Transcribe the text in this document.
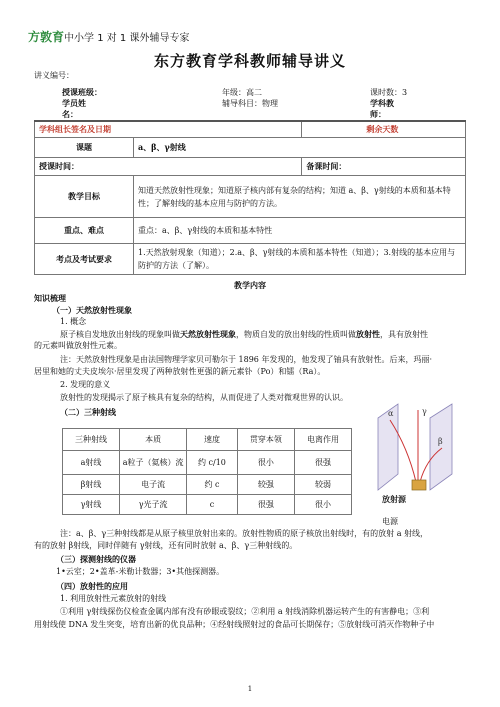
方敦育中小学 1 对 1 课外辅导专家
东方教育学科教师辅导讲义
讲义编号：
授课班级：	年级：高二	课时数：3
学员姓
名：
辅导科目：物理	学科教
师：
学科组长签名及日期		剩余天数
课题	a、β、γ射线	
授课时间：		备课时间：
教学目标	知道天然放射性现象；知道原子核内部有复杂的结构；知道 a、β、γ射线的本质和基本特性；了解射线的基本应用与防护的方法。	
重点、难点	重点：a、β、γ射线的本质和基本特性	
考点及考试要求	1.天然放射现象（知道）；2.a、β、γ射线的本质和基本特性（知道）；3.射线的基本应用与防护的方法（了解）。	
教学内容
知识梳理
（一）天然放射性现象
1. 概念
原子核自发地放出射线的现象叫做天然放射性现象，物质自发的放出射线的性质叫做放射性，具有放射性
的元素叫做放射性元素。
注：天然放射性现象是由法国物理学家贝可勒尔于 1896 年发现的，他发现了铀具有放射性。后来，玛丽·
居里和她的丈夫皮埃尔·居里发现了两种放射性更强的新元素钋（Po）和镭（Ra）。
2. 发现的意义
放射性的发现揭示了原子核具有复杂的结构，从而促进了人类对微观世界的认识。
（二）三种射线
三种射线	本质	速度	贯穿本领	电离作用
a射线	a粒子（氦核）流	约 c/10	很小	很强
β射线	电子流	约 c	较强	较弱
γ射线	γ光子流	c	很强	很小
α	γ
β
放射源
电源
注：a、β、γ三种射线都是从原子核里放射出来的。放射性物质的原子核放出射线时，有的放射 a 射线，
有的放射 β射线，同时伴随有 γ射线，还有同时放射 a、β、γ三种射线的。
（三）探测射线的仪器
1•云室；2•盖革-米勒计数器；3•其他探测器。
（四）放射性的应用
1. 利用放射性元素放射的射线
①利用 γ射线探伤仪检查金属内部有没有砂眼或裂纹；②利用 a 射线消除机器运转产生的有害静电；③利
用射线使 DNA 发生突变，培育出新的优良品种；④经射线照射过的食品可长期保存；⑤放射线可消灭作物种子中
1
